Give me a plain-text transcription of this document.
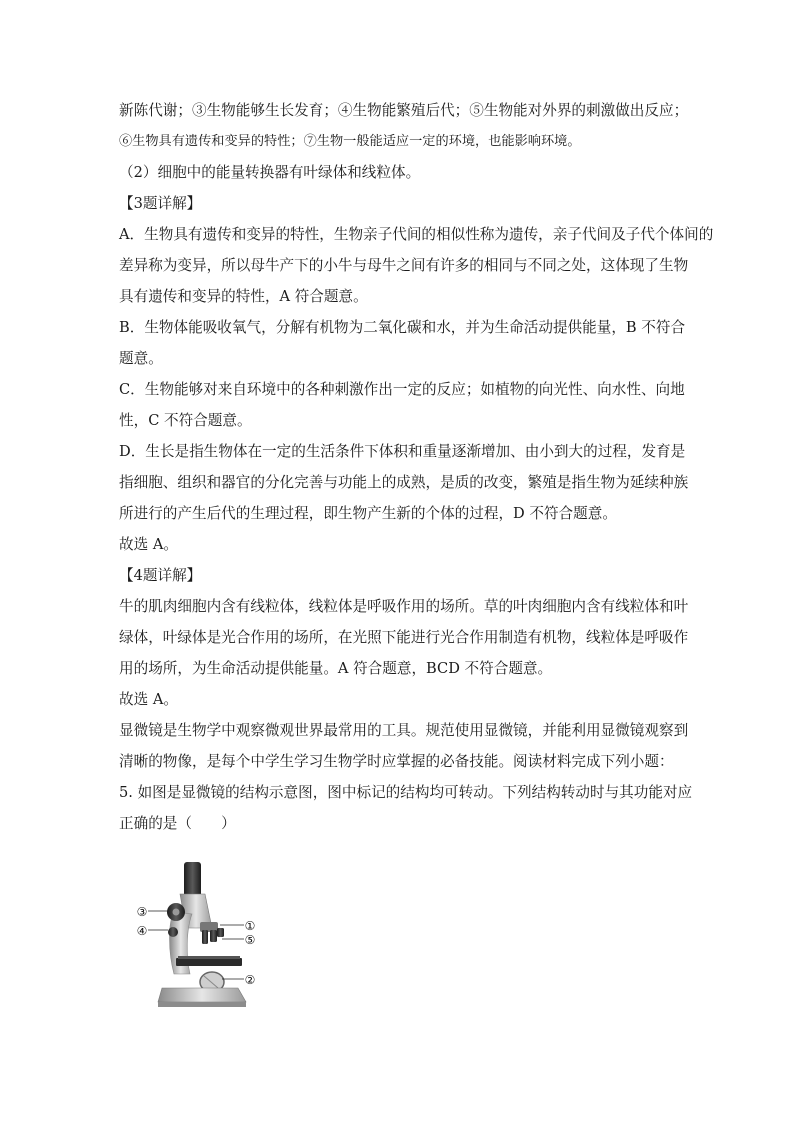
新陈代谢；③生物能够生长发育；④生物能繁殖后代；⑤生物能对外界的刺激做出反应；
⑥生物具有遗传和变异的特性；⑦生物一般能适应一定的环境，也能影响环境。
（2）细胞中的能量转换器有叶绿体和线粒体。
【3题详解】
A．生物具有遗传和变异的特性，生物亲子代间的相似性称为遗传，亲子代间及子代个体间的
差异称为变异，所以母牛产下的小牛与母牛之间有许多的相同与不同之处，这体现了生物
具有遗传和变异的特性，A 符合题意。
B．生物体能吸收氧气，分解有机物为二氧化碳和水，并为生命活动提供能量，B 不符合
题意。
C．生物能够对来自环境中的各种刺激作出一定的反应；如植物的向光性、向水性、向地
性，C 不符合题意。
D．生长是指生物体在一定的生活条件下体积和重量逐渐增加、由小到大的过程，发育是
指细胞、组织和器官的分化完善与功能上的成熟，是质的改变，繁殖是指生物为延续种族
所进行的产生后代的生理过程，即生物产生新的个体的过程，D 不符合题意。
故选 A。
【4题详解】
牛的肌肉细胞内含有线粒体，线粒体是呼吸作用的场所。草的叶肉细胞内含有线粒体和叶
绿体，叶绿体是光合作用的场所，在光照下能进行光合作用制造有机物，线粒体是呼吸作
用的场所，为生命活动提供能量。A 符合题意，BCD 不符合题意。
故选 A。
显微镜是生物学中观察微观世界最常用的工具。规范使用显微镜，并能利用显微镜观察到
清晰的物像，是每个中学生学习生物学时应掌握的必备技能。阅读材料完成下列小题：
5. 如图是显微镜的结构示意图，图中标记的结构均可转动。下列结构转动时与其功能对应
正确的是（　　）
③
④	①
⑤
②
